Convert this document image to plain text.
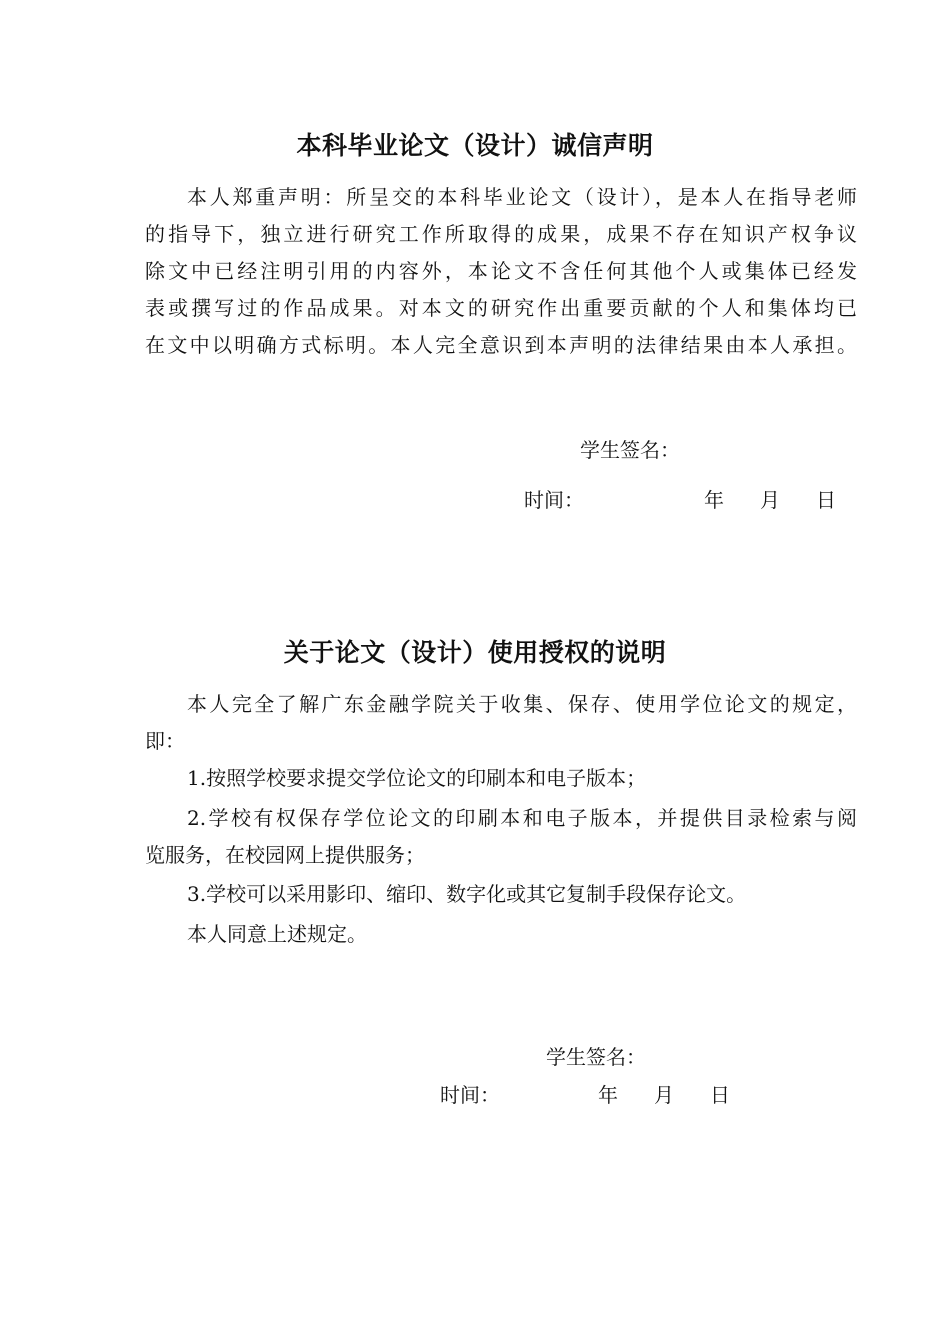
本科毕业论文（设计）诚信声明
本人郑重声明：所呈交的本科毕业论文（设计），是本人在指导老师
的指导下，独立进行研究工作所取得的成果，成果不存在知识产权争议
除文中已经注明引用的内容外，本论文不含任何其他个人或集体已经发
表或撰写过的作品成果。对本文的研究作出重要贡献的个人和集体均已
在文中以明确方式标明。本人完全意识到本声明的法律结果由本人承担。
学生签名：
时间：	年 月 日
关于论文（设计）使用授权的说明
本人完全了解广东金融学院关于收集、保存、使用学位论文的规定，
即：
1.按照学校要求提交学位论文的印刷本和电子版本；
2.学校有权保存学位论文的印刷本和电子版本，并提供目录检索与阅
览服务，在校园网上提供服务；
3.学校可以采用影印、缩印、数字化或其它复制手段保存论文。
本人同意上述规定。
学生签名：
时间：	年 月 日
